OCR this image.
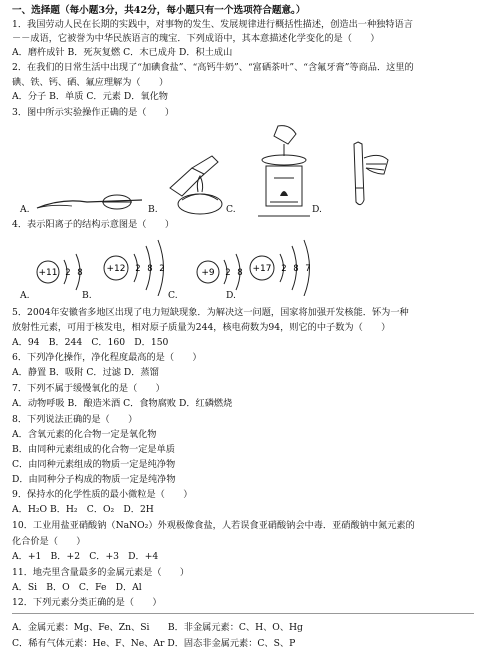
一、选择题（每小题3分，共42分，每小题只有一个选项符合题意。）
1．我国劳动人民在长期的实践中，对事物的发生、发展规律进行概括性描述，创造出一种独特语言
－－成语，它被誉为中华民族语言的瑰宝．下列成语中，其本意描述化学变化的是（　　）
A．磨杵成针 B．死灰复燃 C．木已成舟 D．积土成山
2．在我们的日常生活中出现了“加碘食盐”、“高钙牛奶”、“富硒茶叶”、“含氟牙膏”等商品．这里的
碘、铁、钙、硒、氟应理解为（　　）
A．分子 B．单质 C．元素 D．氧化物
3．图中所示实验操作正确的是（　　）
A.	B.	C.	D.
4．表示阳离子的结构示意图是（　　）
+11 2 8
A.	B.
+12 2 8 2
C.
+9 2 8
D.
+17 2 8 7
5．2004年安徽省多地区出现了电力短缺现象．为解决这一问题，国家将加强开发核能．钚为一种
放射性元素，可用于核发电，相对原子质量为244，核电荷数为94，则它的中子数为（　　）
A．94　B．244　C．160　D．150
6．下列净化操作，净化程度最高的是（　　）
A．静置 B．吸附 C．过滤 D．蒸馏
7．下列不属于缓慢氧化的是（　　）
A．动物呼吸 B．酿造米酒 C．食物腐败 D．红磷燃烧
8．下列说法正确的是（　　）
A．含氧元素的化合物一定是氧化物
B．由同种元素组成的化合物一定是单质
C．由同种元素组成的物质一定是纯净物
D．由同种分子构成的物质一定是纯净物
9．保持水的化学性质的最小微粒是（　　）
A．H₂O B．H₂　C．O₂　D．2H
10．工业用盐亚硝酸钠（NaNO₂）外观极像食盐，人若误食亚硝酸钠会中毒．亚硝酸钠中氮元素的
化合价是（　　）
A．+1　B．+2　C．+3　D．+4
11．地壳里含量最多的金属元素是（　　）
A．Si　B．O　C．Fe　D．Al
12．下列元素分类正确的是（　　）
A．金属元素：Mg、Fe、Zn、Si　　B．非金属元素：C、H、O、Hg
C．稀有气体元素：He、F、Ne、Ar D．固态非金属元素：C、S、P
